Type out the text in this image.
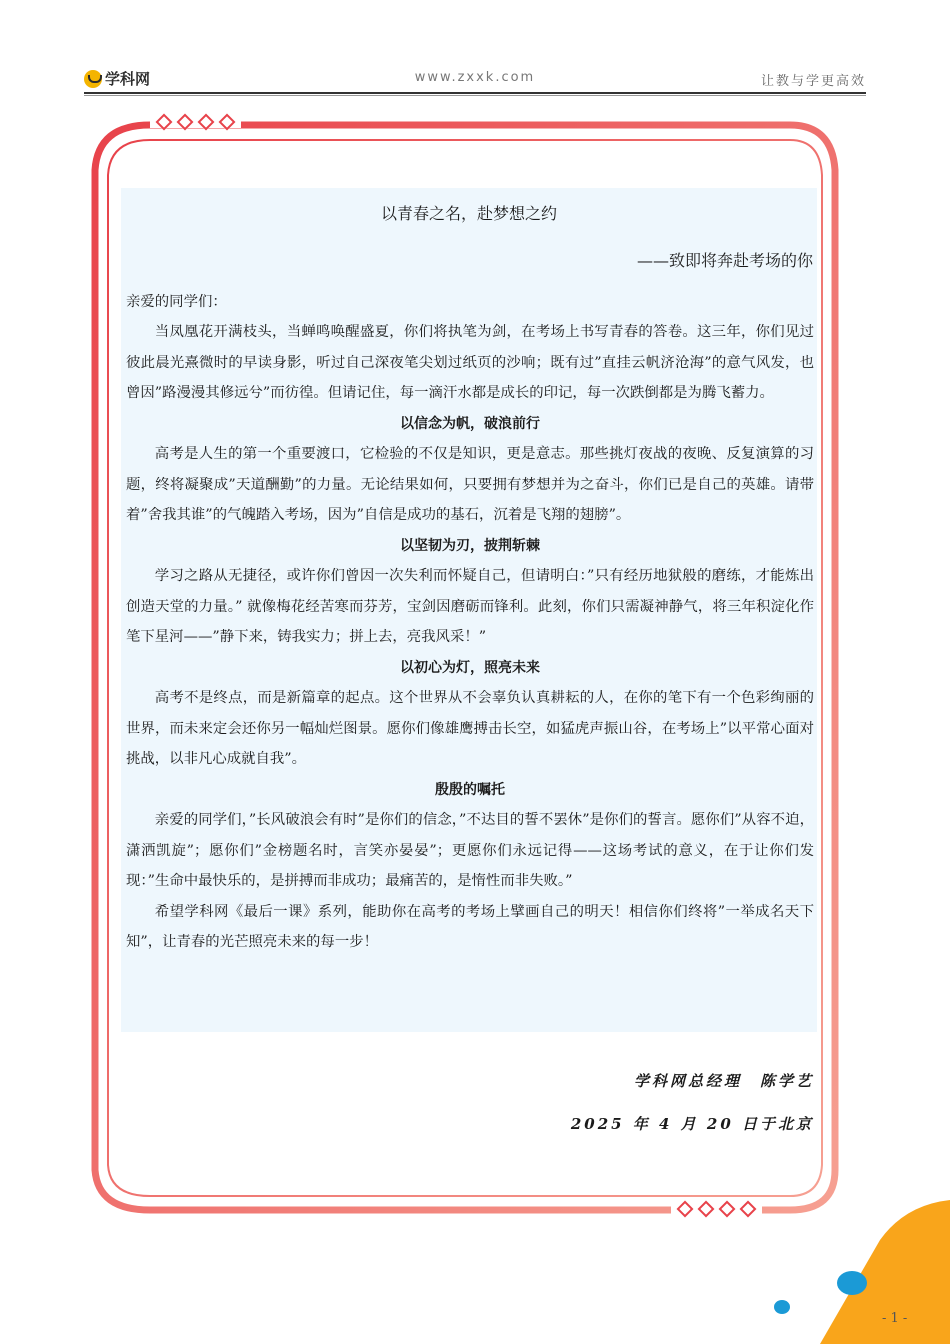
学科网	www.zxxk.com	让教与学更高效
以青春之名，赴梦想之约
——致即将奔赴考场的你
亲爱的同学们：

当凤凰花开满枝头，当蝉鸣唤醒盛夏，你们将执笔为剑，在考场上书写青春的答卷。这三年，你们见过彼此晨光熹微时的早读身影，听过自己深夜笔尖划过纸页的沙响；既有过”直挂云帆济沧海”的意气风发，也曾因”路漫漫其修远兮”而彷徨。但请记住，每一滴汗水都是成长的印记，每一次跌倒都是为腾飞蓄力。

以信念为帆，破浪前行

高考是人生的第一个重要渡口，它检验的不仅是知识，更是意志。那些挑灯夜战的夜晚、反复演算的习题，终将凝聚成”天道酬勤”的力量。无论结果如何，只要拥有梦想并为之奋斗，你们已是自己的英雄。请带着”舍我其谁”的气魄踏入考场，因为”自信是成功的基石，沉着是飞翔的翅膀”。

以坚韧为刃，披荆斩棘

学习之路从无捷径，或许你们曾因一次失利而怀疑自己，但请明白：”只有经历地狱般的磨练，才能炼出创造天堂的力量。” 就像梅花经苦寒而芬芳，宝剑因磨砺而锋利。此刻，你们只需凝神静气，将三年积淀化作笔下星河——”静下来，铸我实力；拼上去，亮我风采！”

以初心为灯，照亮未来

高考不是终点，而是新篇章的起点。这个世界从不会辜负认真耕耘的人，在你的笔下有一个色彩绚丽的世界，而未来定会还你另一幅灿烂图景。愿你们像雄鹰搏击长空，如猛虎声振山谷，在考场上”以平常心面对挑战，以非凡心成就自我”。

殷殷的嘱托

亲爱的同学们，”长风破浪会有时”是你们的信念，”不达目的誓不罢休”是你们的誓言。愿你们”从容不迫，潇洒凯旋”；愿你们”金榜题名时，言笑亦晏晏”；更愿你们永远记得——这场考试的意义，在于让你们发现：”生命中最快乐的，是拼搏而非成功；最痛苦的，是惰性而非失败。”

希望学科网《最后一课》系列，能助你在高考的考场上擘画自己的明天！相信你们终将”一举成名天下知”，让青春的光芒照亮未来的每一步！

学科网总经理　陈学艺
2025 年 4 月 20 日于北京
- 1 -
